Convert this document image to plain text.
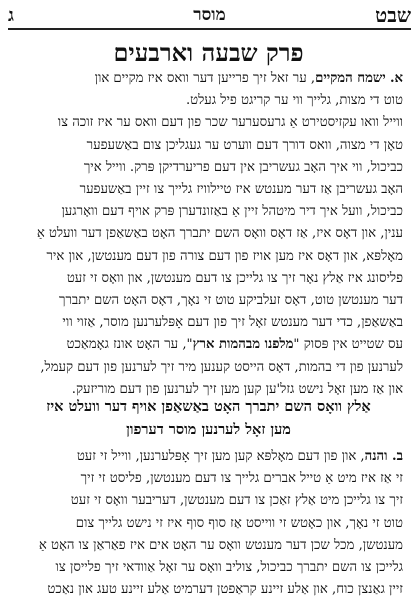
שבט
מוסר
ג
פרק שבעה וארבעים
א. ישמח המקיים, ער זאל זיך פרייען דער וואס איז מקיים און
טוט די מצות, גלייך ווי ער קריגט פיל געלט.
ווייל וואו עקזיסטירט אַ גרעסערער שכר פון דעם וואס ער איז זוכה צו
טאָן די מצוה, וואס דורך דעם ווערט ער געגליכן צום באַשעפער
כביכול, ווי איך האָב געשריבן אין דעם פריערדיקן פּרק. ווייל איך
האָב געשריבן אַז דער מענטש איז טיילוויז גלייך צו זיין באַשעפער
כביכול, וועל איך דיר מיטהל זיין אַ באַזונדערן פּרק אויף דעם וואָרגען
ענין, און דאָס איז, אַז דאָס וואָס השם יתברך האָט באַשאַפן דער וועלט אַ
מאָלפּא, און דאָס איז מען אויז פון דעם צורה פון דעם מענטשן, און איר
פליסונג איז אַלץ נאָר זיך צו גלייכן צו דעם מענטשן, און וואָס זי זעט
דער מענטשן טוט, דאָס זעלביקע טוט זי נאָך, דאָס האָט השם יתברך
באַשאַפן, כדי דער מענטש זאָל זיך פון דעם אָפּלערנען מוסר, אַזוי ווי
עס שטייט אין פּסוק "מלפנו מבהמות ארץ", ער האָט אונז גאָמאַכט
לערנען פון די בהמות, דאָס הייסט קענען מיר זיך לערנען פון דעם קעמל,
און אַז מען זאָל נישט גזל'ען קען מען זיך לערנען פון דעם מוריזעק.
אַלץ וואָס השם יתברך האָט באַשאַפן אויף דער וועלט איז
מען זאָל לערנען מוסר דערפון
ב. והנה, און פון דעם מאָלפּא קען מען זיך אָפּלערנען, ווייל זי זעט
זי אַז איז מיט אַ טייל אברים גלייך צו דעם מענטשן, פליסט זי זיך
זיך צו גלייכן מיט אַלץ זאַכן צו דעם מענטשן, דעריבער וואָס זי זעט
טוט זי נאָך, און כאָטש זי ווייסט אַז סוף סוף איז זי נישט גלייך צום
מענטשן, מכל שכן דער מענטש וואָס ער האָט אים איז פאַראַן צו האָט אַ
גלייכן צו השם יתברך כביכול, צוליב וואָס ער זאָל אַוודאי זיך פלייסן צו
זיין גאַנצן כוח, און אַלע זיינע קראַפטן דערמיט אַלע זיינע טעג און נאַכט
